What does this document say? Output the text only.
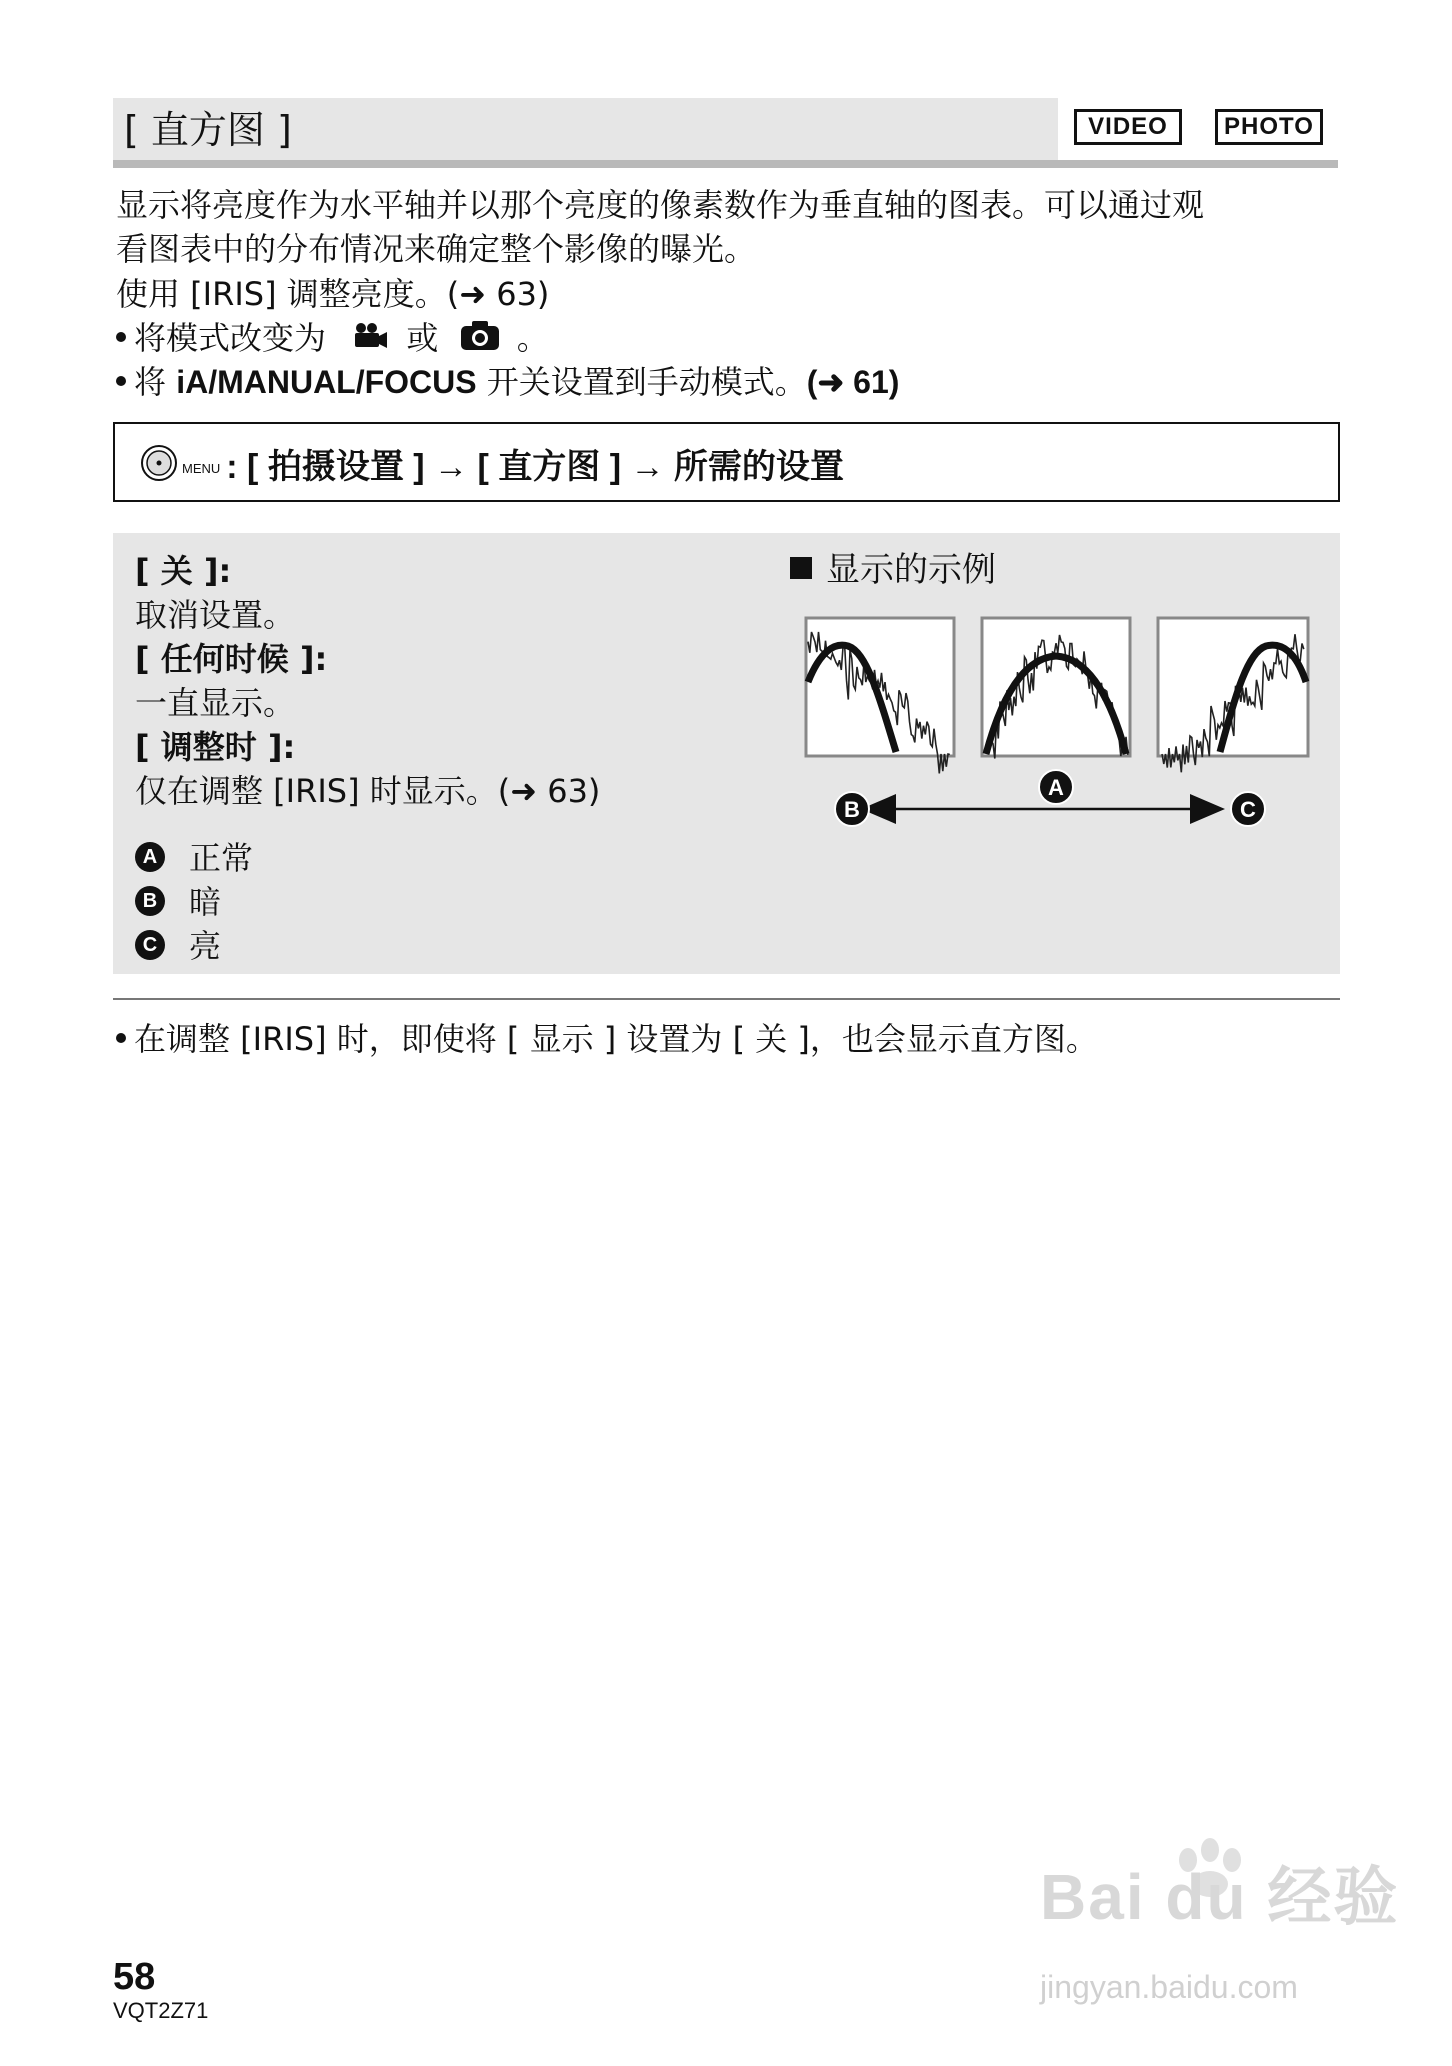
[ 直方图 ]	VIDEO	PHOTO
显示将亮度作为水平轴并以那个亮度的像素数作为垂直轴的图表。可以通过观
看图表中的分布情况来确定整个影像的曝光。
使用 [IRIS] 调整亮度。(➜ 63)
将模式改变为	或 。
将 iA/MANUAL/FOCUS 开关设置到手动模式。(➜ 61)
MENU : [ 拍摄设置 ] → [ 直方图 ] → 所需的设置
[ 关 ]:
取消设置。
[ 任何时候 ]:
一直显示。
[ 调整时 ]:
仅在调整 [IRIS] 时显示。(➜ 63)
A 正常
B 暗
C 亮
显示的示例
A
B	C
在调整 [IRIS] 时，即使将 [ 显示 ] 设置为 [ 关 ]，也会显示直方图。
58
VQT2Z71
Bai du 经验
jingyan.baidu.com
